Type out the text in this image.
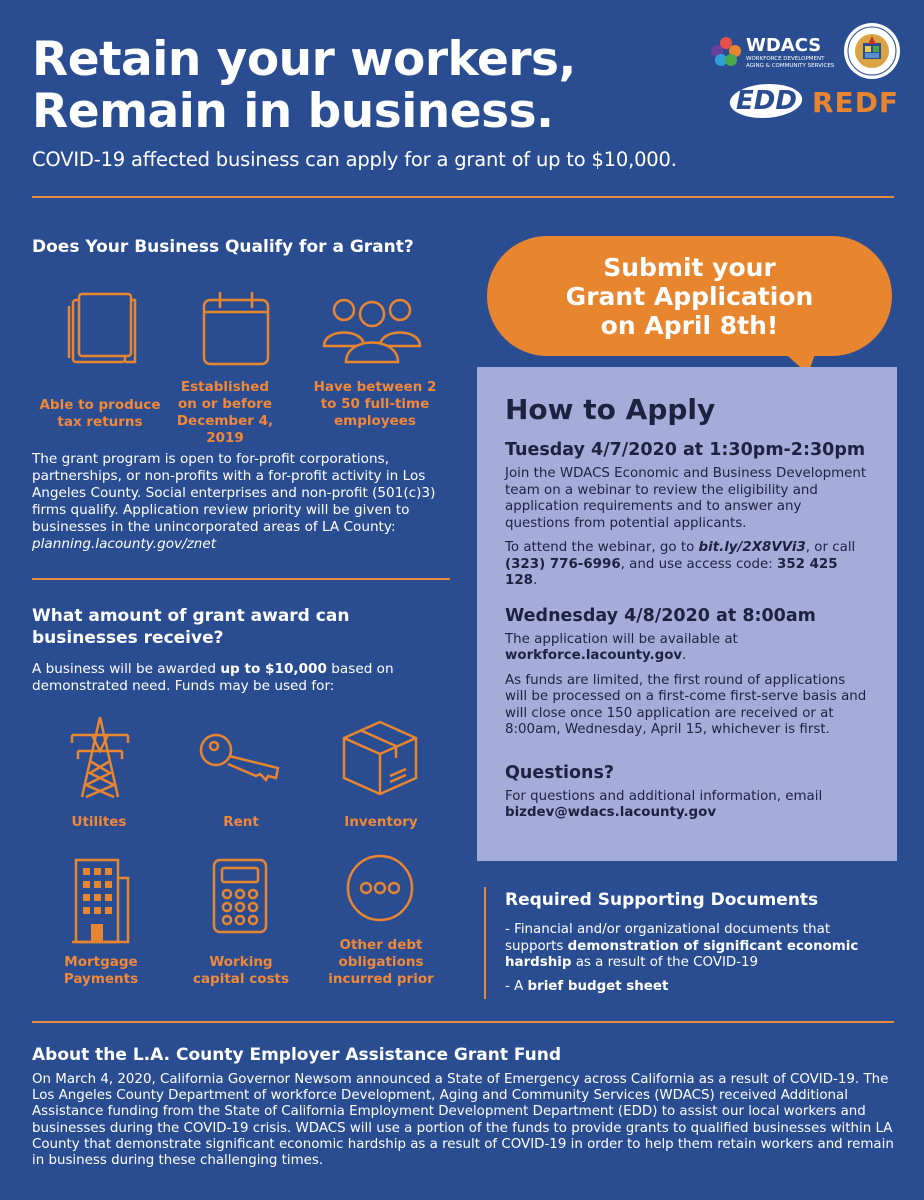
Retain your workers,
Remain in business.
COVID-19 affected business can apply for a grant of up to $10,000.
WDACS
WORKFORCE DEVELOPMENT
AGING & COMMUNITY SERVICES
EDD REDF
Does Your Business Qualify for a Grant?
Able to produce tax returns
Established on or before December 4, 2019
Have between 2 to 50 full-time employees
The grant program is open to for-profit corporations, partnerships, or non-profits with a for-profit activity in Los Angeles County. Social enterprises and non-profit (501(c)3) firms qualify. Application review priority will be given to businesses in the unincorporated areas of LA County: planning.lacounty.gov/znet
What amount of grant award can businesses receive?
A business will be awarded up to $10,000 based on demonstrated need. Funds may be used for:
Utilites	Rent	Inventory
Mortgage Payments
Working capital costs
Other debt obligations incurred prior
Submit your
Grant Application
on April 8th!
How to Apply
Tuesday 4/7/2020 at 1:30pm-2:30pm

Join the WDACS Economic and Business Development team on a webinar to review the eligibility and application requirements and to answer any questions from potential applicants.

To attend the webinar, go to bit.ly/2X8VVi3, or call (323) 776-6996, and use access code: 352 425 128.

Wednesday 4/8/2020 at 8:00am

The application will be available at workforce.lacounty.gov.

As funds are limited, the first round of applications will be processed on a first-come first-serve basis and will close once 150 application are received or at 8:00am, Wednesday, April 15, whichever is first.

Questions?

For questions and additional information, email

bizdev@wdacs.lacounty.gov

Required Supporting Documents
- Financial and/or organizational documents that supports demonstration of significant economic hardship as a result of the COVID-19
- A brief budget sheet
About the L.A. County Employer Assistance Grant Fund
On March 4, 2020, California Governor Newsom announced a State of Emergency across California as a result of COVID-19. The Los Angeles County Department of workforce Development, Aging and Community Services (WDACS) received Additional Assistance funding from the State of California Employment Development Department (EDD) to assist our local workers and businesses during the COVID-19 crisis. WDACS will use a portion of the funds to provide grants to qualified businesses within LA County that demonstrate significant economic hardship as a result of COVID-19 in order to help them retain workers and remain in business during these challenging times.
